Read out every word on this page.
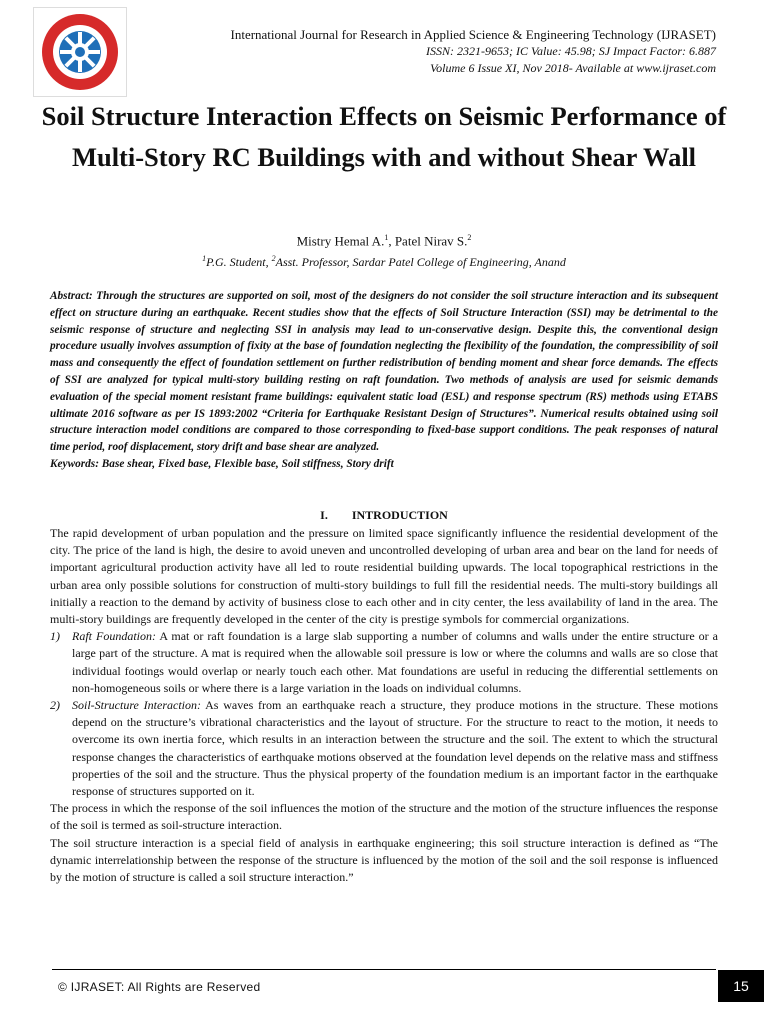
International Journal for Research in Applied Science & Engineering Technology (IJRASET)
ISSN: 2321-9653; IC Value: 45.98; SJ Impact Factor: 6.887
Volume 6 Issue XI, Nov 2018- Available at www.ijraset.com
Soil Structure Interaction Effects on Seismic Performance of Multi-Story RC Buildings with and without Shear Wall
Mistry Hemal A.$^1$, Patel Nirav S.$^2$
$^1$P.G. Student, $^2$Asst. Professor, Sardar Patel College of Engineering, Anand

Abstract: Through the structures are supported on soil, most of the designers do not consider the soil structure interaction and its subsequent effect on structure during an earthquake. Recent studies show that the effects of Soil Structure Interaction (SSI) may be detrimental to the seismic response of structure and neglecting SSI in analysis may lead to un-conservative design. Despite this, the conventional design procedure usually involves assumption of fixity at the base of foundation neglecting the flexibility of the foundation, the compressibility of soil mass and consequently the effect of foundation settlement on further redistribution of bending moment and shear force demands. The effects of SSI are analyzed for typical multi-story building resting on raft foundation. Two methods of analysis are used for seismic demands evaluation of the special moment resistant frame buildings: equivalent static load (ESL) and response spectrum (RS) methods using ETABS ultimate 2016 software as per IS 1893:2002 “Criteria for Earthquake Resistant Design of Structures”. Numerical results obtained using soil structure interaction model conditions are compared to those corresponding to fixed-base support conditions. The peak responses of natural time period, roof displacement, story drift and base shear are analyzed.

Keywords: Base shear, Fixed base, Flexible base, Soil stiffness, Story drift

I. INTRODUCTION

The rapid development of urban population and the pressure on limited space significantly influence the residential development of the city. The price of the land is high, the desire to avoid uneven and uncontrolled developing of urban area and bear on the land for needs of important agricultural production activity have all led to route residential building upwards. The local topographical restrictions in the urban area only possible solutions for construction of multi-story buildings to full fill the residential needs. The multi-story buildings all initially a reaction to the demand by activity of business close to each other and in city center, the less availability of land in the area. The multi-story buildings are frequently developed in the center of the city is prestige symbols for commercial organizations.

1)	Raft Foundation: A mat or raft foundation is a large slab supporting a number of columns and walls under the entire structure or a large part of the structure. A mat is required when the allowable soil pressure is low or where the columns and walls are so close that individual footings would overlap or nearly touch each other. Mat foundations are useful in reducing the differential settlements on non-homogeneous soils or where there is a large variation in the loads on individual columns.
2)	Soil-Structure Interaction: As waves from an earthquake reach a structure, they produce motions in the structure. These motions depend on the structure’s vibrational characteristics and the layout of structure. For the structure to react to the motion, it needs to overcome its own inertia force, which results in an interaction between the structure and the soil. The extent to which the structural response changes the characteristics of earthquake motions observed at the foundation level depends on the relative mass and stiffness properties of the soil and the structure. Thus the physical property of the foundation medium is an important factor in the earthquake response of structures supported on it.

The process in which the response of the soil influences the motion of the structure and the motion of the structure influences the response of the soil is termed as soil-structure interaction.

The soil structure interaction is a special field of analysis in earthquake engineering; this soil structure interaction is defined as “The dynamic interrelationship between the response of the structure is influenced by the motion of the soil and the soil response is influenced by the motion of structure is called a soil structure interaction.”

© IJRASET: All Rights are Reserved	15
